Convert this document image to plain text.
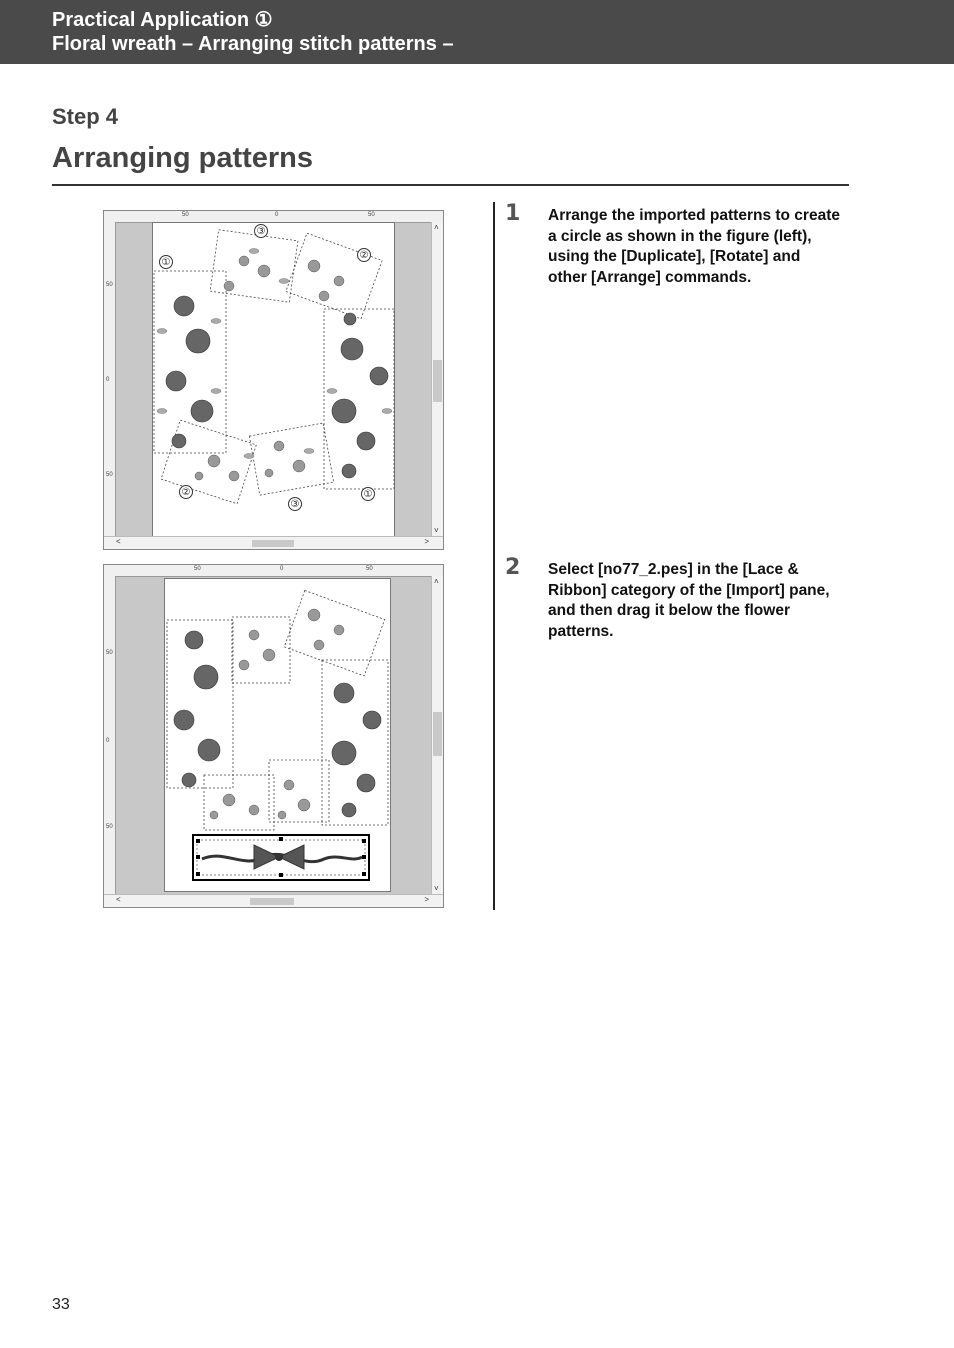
Practical Application ①
Floral wreath – Arranging stitch patterns –
Step 4
Arranging patterns
1 Arrange the imported patterns to create a circle as shown in the figure (left), using the [Duplicate], [Rotate] and other [Arrange] commands.
2 Select [no77_2.pes] in the [Lace & Ribbon] category of the [Import] pane, and then drag it below the flower patterns.
50	0	50
50
0
50
③
②
①
②
③
①
˄
˅
<	>
50	0	50
50
0
50
˄
˅
<	>
33
